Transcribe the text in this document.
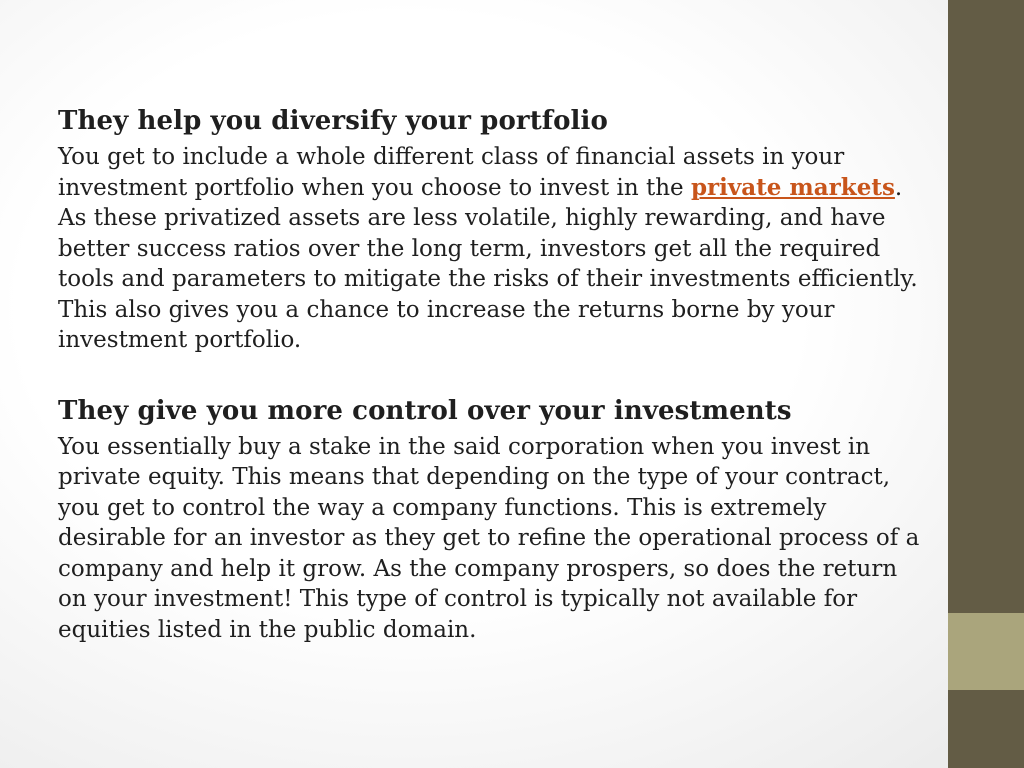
They help you diversify your portfolio

You get to include a whole different class of financial assets in your investment portfolio when you choose to invest in the private markets. As these privatized assets are less volatile, highly rewarding, and have better success ratios over the long term, investors get all the required tools and parameters to mitigate the risks of their investments efficiently. This also gives you a chance to increase the returns borne by your investment portfolio.

They give you more control over your investments

You essentially buy a stake in the said corporation when you invest in private equity. This means that depending on the type of your contract, you get to control the way a company functions. This is extremely desirable for an investor as they get to refine the operational process of a company and help it grow. As the company prospers, so does the return on your investment! This type of control is typically not available for equities listed in the public domain.
